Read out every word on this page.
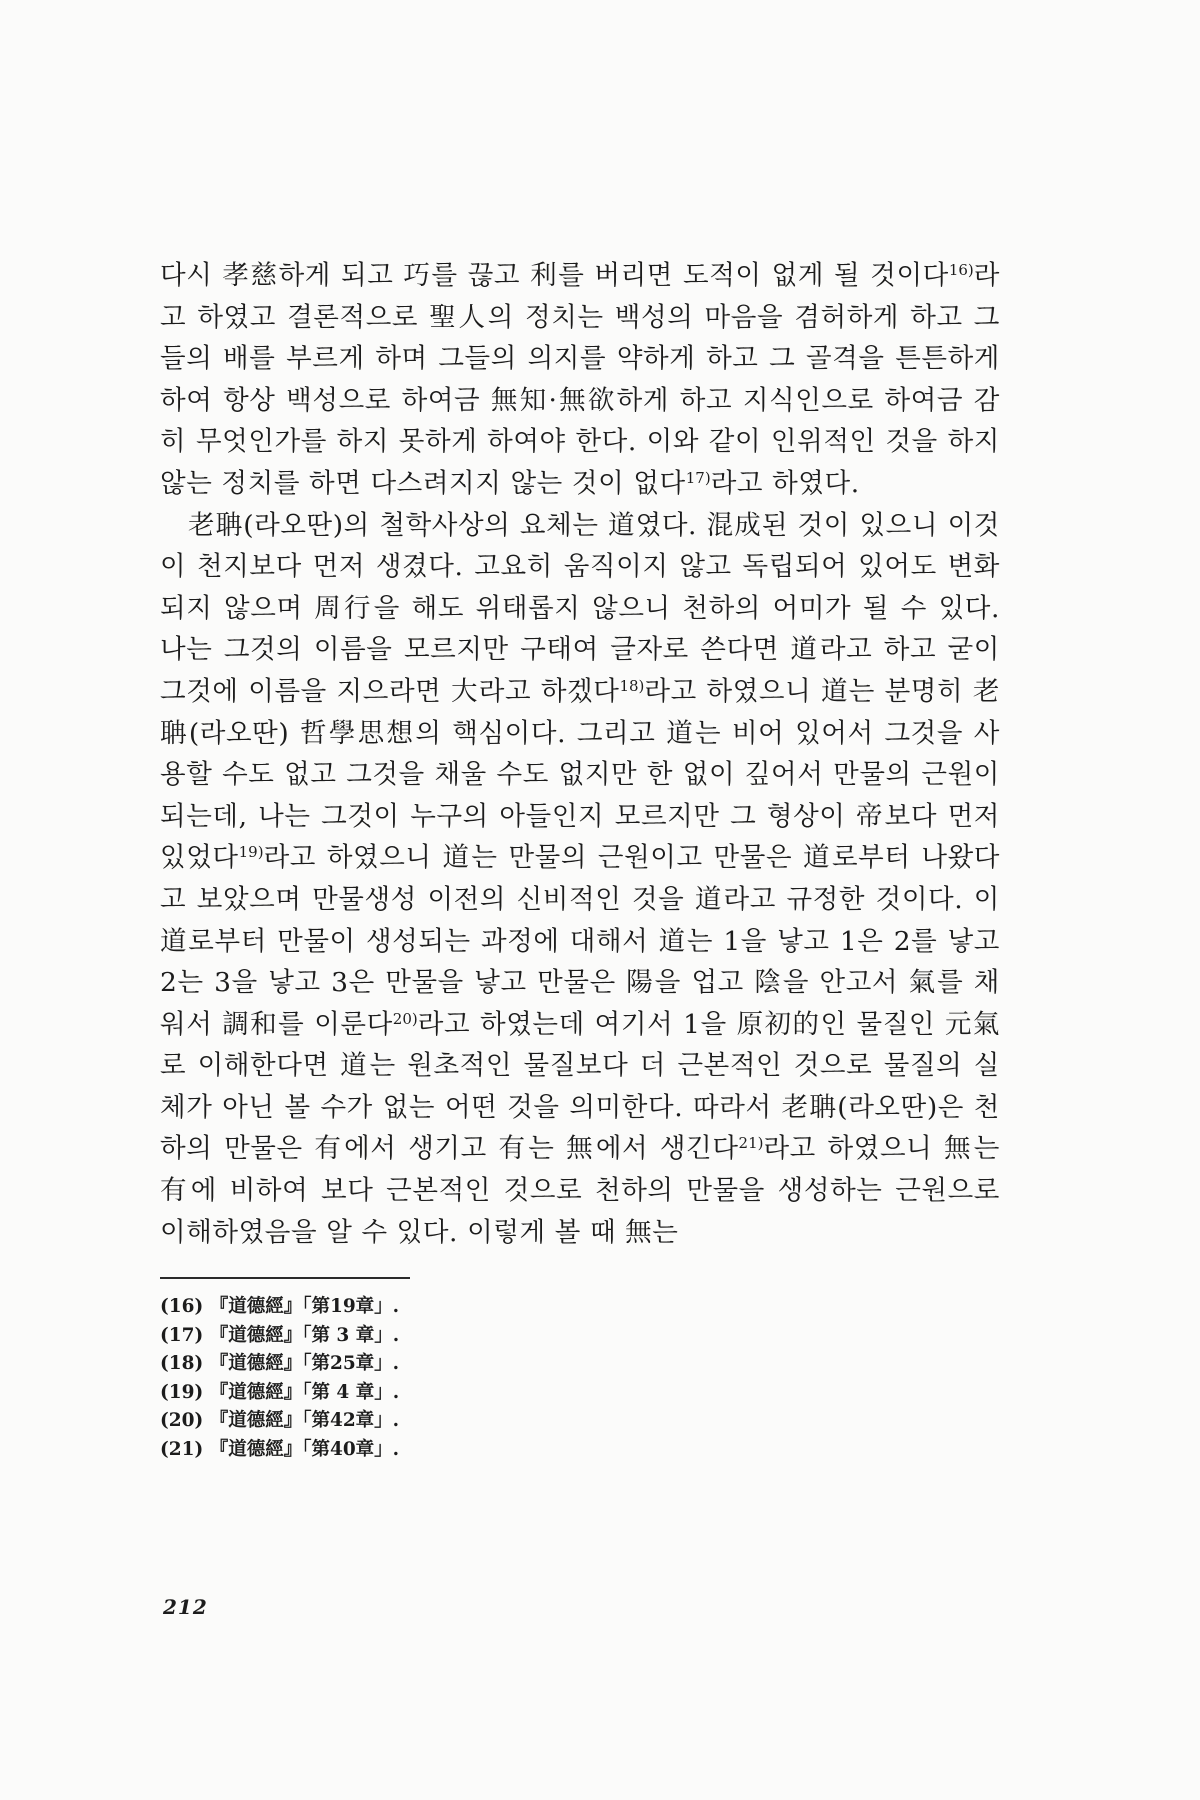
다시 孝慈하게 되고 巧를 끊고 利를 버리면 도적이 없게 될 것이다$^{16)}$라고 하였고 결론적으로 聖人의 정치는 백성의 마음을 겸허하게 하고 그들의 배를 부르게 하며 그들의 의지를 약하게 하고 그 골격을 튼튼하게 하여 항상 백성으로 하여금 無知·無欲하게 하고 지식인으로 하여금 감히 무엇인가를 하지 못하게 하여야 한다. 이와 같이 인위적인 것을 하지 않는 정치를 하면 다스려지지 않는 것이 없다$^{17)}$라고 하였다.

老聃(라오딴)의 철학사상의 요체는 道였다. 混成된 것이 있으니 이것이 천지보다 먼저 생겼다. 고요히 움직이지 않고 독립되어 있어도 변화되지 않으며 周行을 해도 위태롭지 않으니 천하의 어미가 될 수 있다. 나는 그것의 이름을 모르지만 구태여 글자로 쓴다면 道라고 하고 굳이 그것에 이름을 지으라면 大라고 하겠다$^{18)}$라고 하였으니 道는 분명히 老聃(라오딴) 哲學思想의 핵심이다. 그리고 道는 비어 있어서 그것을 사용할 수도 없고 그것을 채울 수도 없지만 한 없이 깊어서 만물의 근원이 되는데, 나는 그것이 누구의 아들인지 모르지만 그 형상이 帝보다 먼저 있었다$^{19)}$라고 하였으니 道는 만물의 근원이고 만물은 道로부터 나왔다고 보았으며 만물생성 이전의 신비적인 것을 道라고 규정한 것이다. 이 道로부터 만물이 생성되는 과정에 대해서 道는 1을 낳고 1은 2를 낳고 2는 3을 낳고 3은 만물을 낳고 만물은 陽을 업고 陰을 안고서 氣를 채워서 調和를 이룬다$^{20)}$라고 하였는데 여기서 1을 原初的인 물질인 元氣로 이해한다면 道는 원초적인 물질보다 더 근본적인 것으로 물질의 실체가 아닌 볼 수가 없는 어떤 것을 의미한다. 따라서 老聃(라오딴)은 천하의 만물은 有에서 생기고 有는 無에서 생긴다$^{21)}$라고 하였으니 無는 有에 비하여 보다 근본적인 것으로 천하의 만물을 생성하는 근원으로 이해하였음을 알 수 있다. 이렇게 볼 때 無는

(16) 『道德經』「第19章」.
(17) 『道德經』「第 3 章」.
(18) 『道德經』「第25章」.
(19) 『道德經』「第 4 章」.
(20) 『道德經』「第42章」.
(21) 『道德經』「第40章」.
212
